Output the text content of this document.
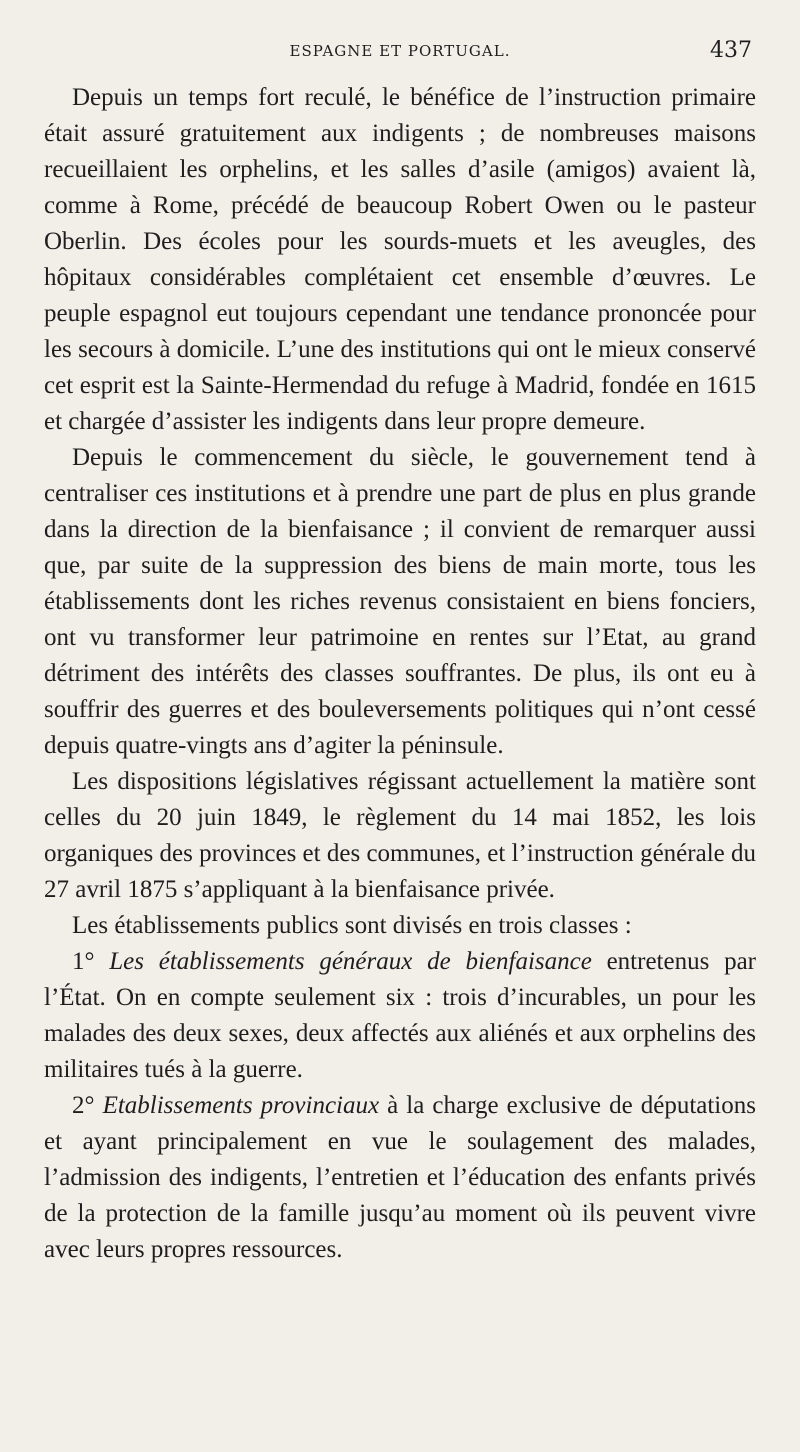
ESPAGNE ET PORTUGAL.	437

Depuis un temps fort reculé, le bénéfice de l’instruction primaire était assuré gratuitement aux indigents ; de nombreuses maisons recueillaient les orphelins, et les salles d’asile (amigos) avaient là, comme à Rome, précédé de beaucoup Robert Owen ou le pasteur Oberlin. Des écoles pour les sourds-muets et les aveugles, des hôpitaux considérables complétaient cet ensemble d’œuvres. Le peuple espagnol eut toujours cependant une tendance prononcée pour les secours à domicile. L’une des institutions qui ont le mieux conservé cet esprit est la Sainte-Hermendad du refuge à Madrid, fondée en 1615 et chargée d’assister les indigents dans leur propre demeure.

Depuis le commencement du siècle, le gouvernement tend à centraliser ces institutions et à prendre une part de plus en plus grande dans la direction de la bienfaisance ; il convient de remarquer aussi que, par suite de la suppression des biens de main morte, tous les établissements dont les riches revenus consistaient en biens fonciers, ont vu transformer leur patrimoine en rentes sur l’Etat, au grand détriment des intérêts des classes souffrantes. De plus, ils ont eu à souffrir des guerres et des bouleversements politiques qui n’ont cessé depuis quatre-vingts ans d’agiter la péninsule.

Les dispositions législatives régissant actuellement la matière sont celles du 20 juin 1849, le règlement du 14 mai 1852, les lois organiques des provinces et des communes, et l’instruction générale du 27 avril 1875 s’appliquant à la bienfaisance privée.

Les établissements publics sont divisés en trois classes :

1° Les établissements généraux de bienfaisance entretenus par l’État. On en compte seulement six : trois d’incurables, un pour les malades des deux sexes, deux affectés aux aliénés et aux orphelins des militaires tués à la guerre.

2° Etablissements provinciaux à la charge exclusive de députations et ayant principalement en vue le soulagement des malades, l’admission des indigents, l’entretien et l’éducation des enfants privés de la protection de la famille jusqu’au moment où ils peuvent vivre avec leurs propres ressources.
